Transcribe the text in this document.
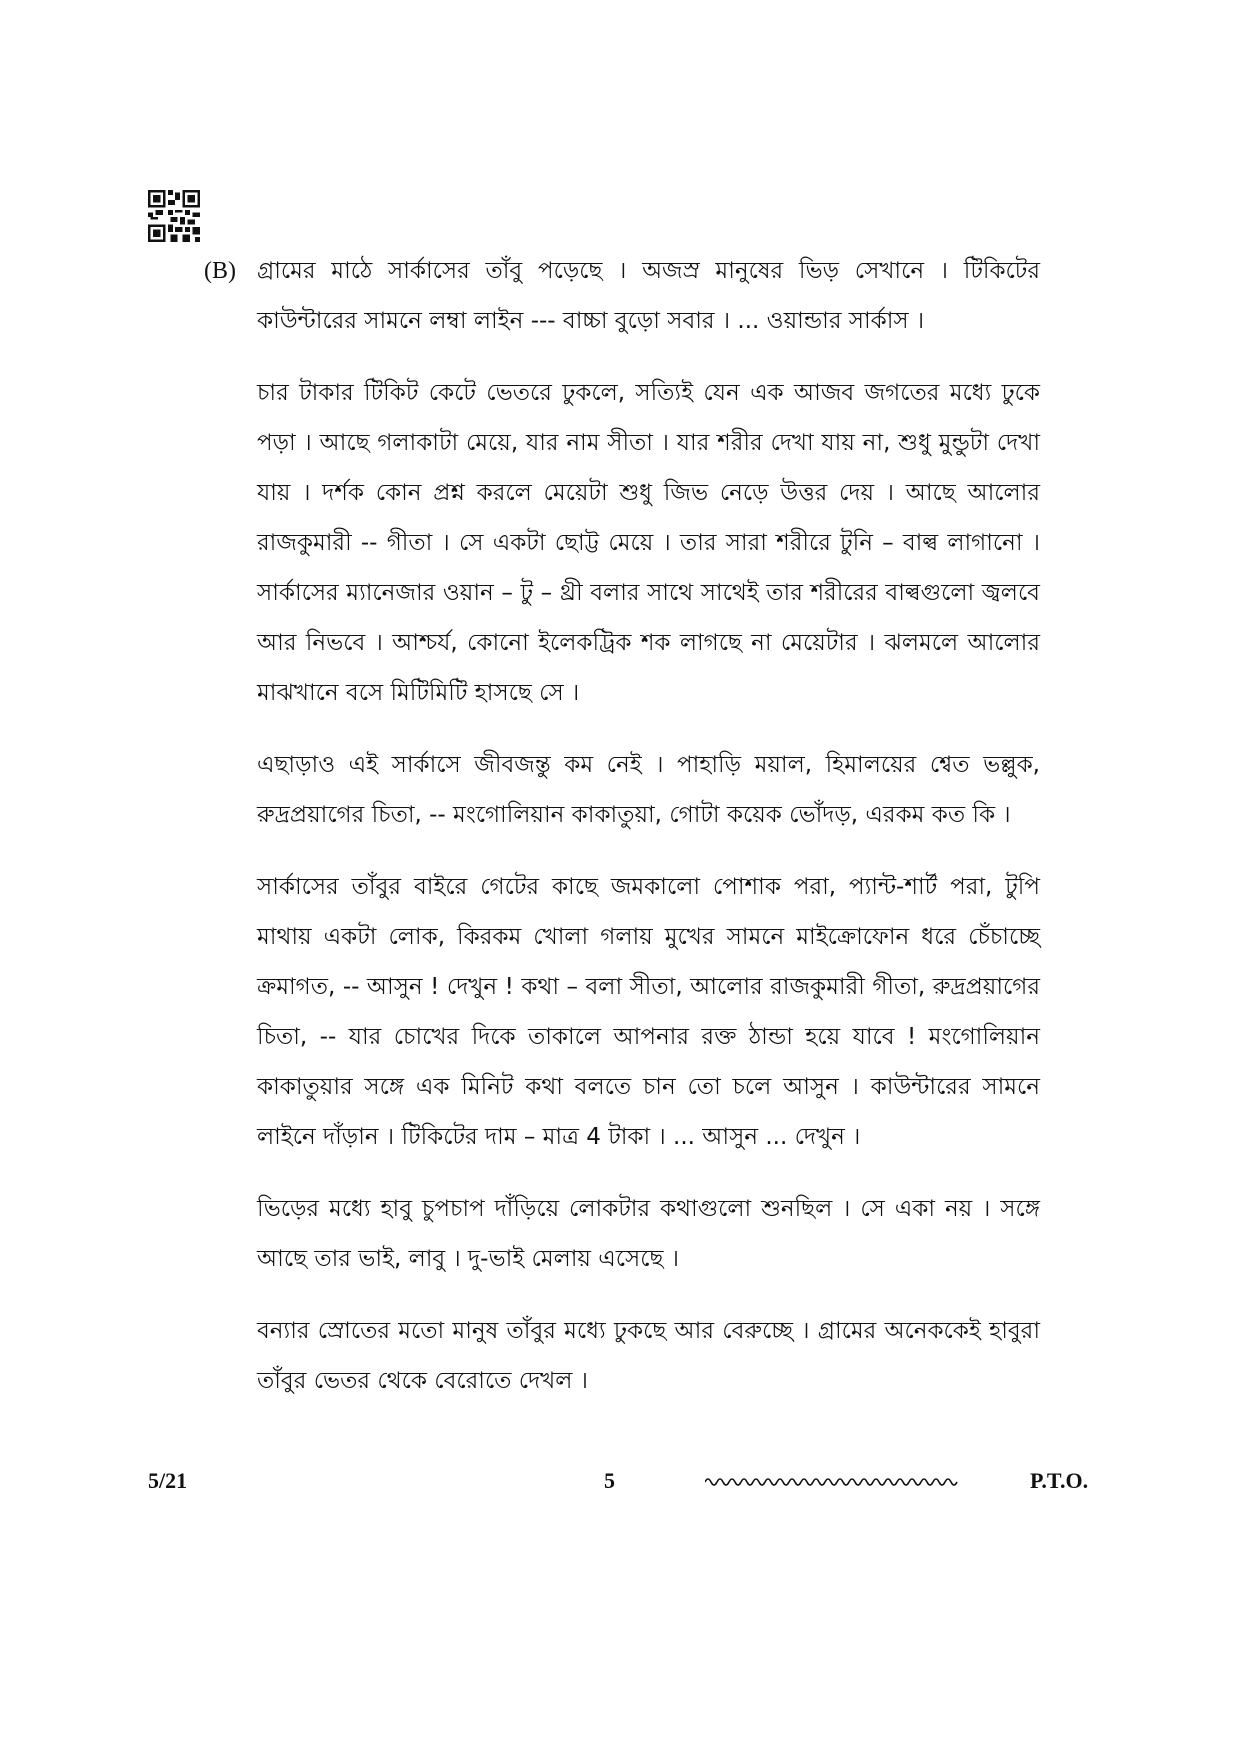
(B) গ্রামের মাঠে সার্কাসের তাঁবু পড়েছে । অজস্র মানুষের ভিড় সেখানে । টিকিটের কাউন্টারের সামনে লম্বা লাইন --- বাচ্চা বুড়ো সবার । ... ওয়ান্ডার সার্কাস ।

চার টাকার টিকিট কেটে ভেতরে ঢুকলে, সত্যিই যেন এক আজব জগতের মধ্যে ঢুকে পড়া । আছে গলাকাটা মেয়ে, যার নাম সীতা । যার শরীর দেখা যায় না, শুধু মুন্ডুটা দেখা যায় । দর্শক কোন প্রশ্ন করলে মেয়েটা শুধু জিভ নেড়ে উত্তর দেয় । আছে আলোর রাজকুমারী -- গীতা । সে একটা ছোট্ট মেয়ে । তার সারা শরীরে টুনি – বাল্ব লাগানো । সার্কাসের ম্যানেজার ওয়ান – টু – থ্রী বলার সাথে সাথেই তার শরীরের বাল্বগুলো জ্বলবে আর নিভবে । আশ্চর্য, কোনো ইলেকট্রিক শক লাগছে না মেয়েটার । ঝলমলে আলোর মাঝখানে বসে মিটিমিটি হাসছে সে ।

এছাড়াও এই সার্কাসে জীবজন্তু কম নেই । পাহাড়ি ময়াল, হিমালয়ের শ্বেত ভল্লুক, রুদ্রপ্রয়াগের চিতা, -- মংগোলিয়ান কাকাতুয়া, গোটা কয়েক ভোঁদড়, এরকম কত কি ।

সার্কাসের তাঁবুর বাইরে গেটের কাছে জমকালো পোশাক পরা, প্যান্ট-শার্ট পরা, টুপি মাথায় একটা লোক, কিরকম খোলা গলায় মুখের সামনে মাইক্রোফোন ধরে চেঁচাচ্ছে ক্রমাগত, -- আসুন ! দেখুন ! কথা – বলা সীতা, আলোর রাজকুমারী গীতা, রুদ্রপ্রয়াগের চিতা, -- যার চোখের দিকে তাকালে আপনার রক্ত ঠান্ডা হয়ে যাবে ! মংগোলিয়ান কাকাতুয়ার সঙ্গে এক মিনিট কথা বলতে চান তো চলে আসুন । কাউন্টারের সামনে লাইনে দাঁড়ান । টিকিটের দাম – মাত্র 4 টাকা । ... আসুন ... দেখুন ।

ভিড়ের মধ্যে হাবু চুপচাপ দাঁড়িয়ে লোকটার কথাগুলো শুনছিল । সে একা নয় । সঙ্গে আছে তার ভাই, লাবু । দু-ভাই মেলায় এসেছে ।

বন্যার স্রোতের মতো মানুষ তাঁবুর মধ্যে ঢুকছে আর বেরুচ্ছে । গ্রামের অনেককেই হাবুরা তাঁবুর ভেতর থেকে বেরোতে দেখল ।

5/21	5	P.T.O.
